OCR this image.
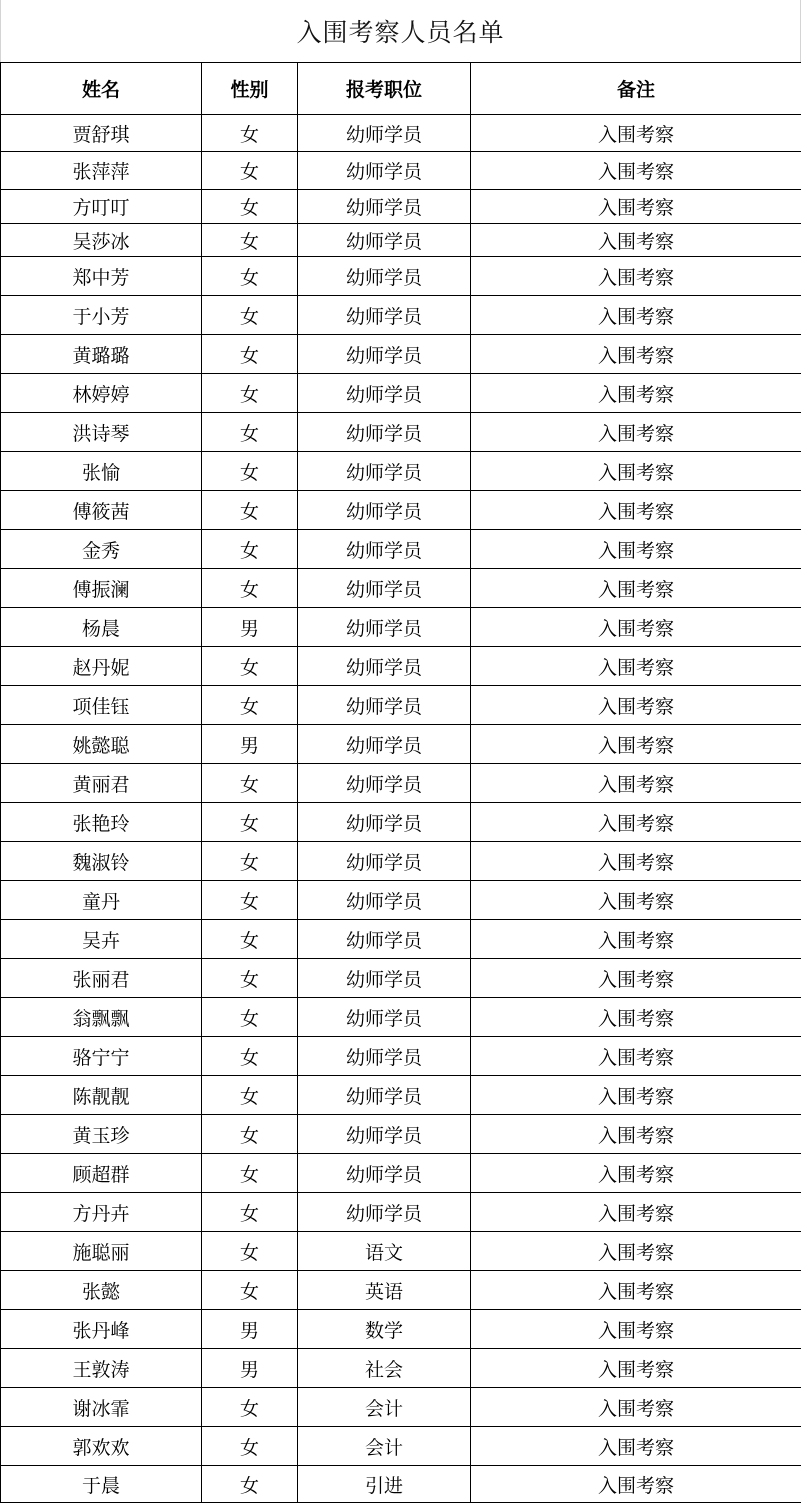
入围考察人员名单
姓名	性别	报考职位	备注
贾舒琪	女	幼师学员	入围考察
张萍萍	女	幼师学员	入围考察
方叮叮	女	幼师学员	入围考察
吴莎冰	女	幼师学员	入围考察
郑中芳	女	幼师学员	入围考察
于小芳	女	幼师学员	入围考察
黄璐璐	女	幼师学员	入围考察
林婷婷	女	幼师学员	入围考察
洪诗琴	女	幼师学员	入围考察
张愉	女	幼师学员	入围考察
傅筱茜	女	幼师学员	入围考察
金秀	女	幼师学员	入围考察
傅振澜	女	幼师学员	入围考察
杨晨	男	幼师学员	入围考察
赵丹妮	女	幼师学员	入围考察
项佳钰	女	幼师学员	入围考察
姚懿聪	男	幼师学员	入围考察
黄丽君	女	幼师学员	入围考察
张艳玲	女	幼师学员	入围考察
魏淑铃	女	幼师学员	入围考察
童丹	女	幼师学员	入围考察
吴卉	女	幼师学员	入围考察
张丽君	女	幼师学员	入围考察
翁飘飘	女	幼师学员	入围考察
骆宁宁	女	幼师学员	入围考察
陈靓靓	女	幼师学员	入围考察
黄玉珍	女	幼师学员	入围考察
顾超群	女	幼师学员	入围考察
方丹卉	女	幼师学员	入围考察
施聪丽	女	语文	入围考察
张懿	女	英语	入围考察
张丹峰	男	数学	入围考察
王敦涛	男	社会	入围考察
谢冰霏	女	会计	入围考察
郭欢欢	女	会计	入围考察
于晨	女	引进	入围考察
